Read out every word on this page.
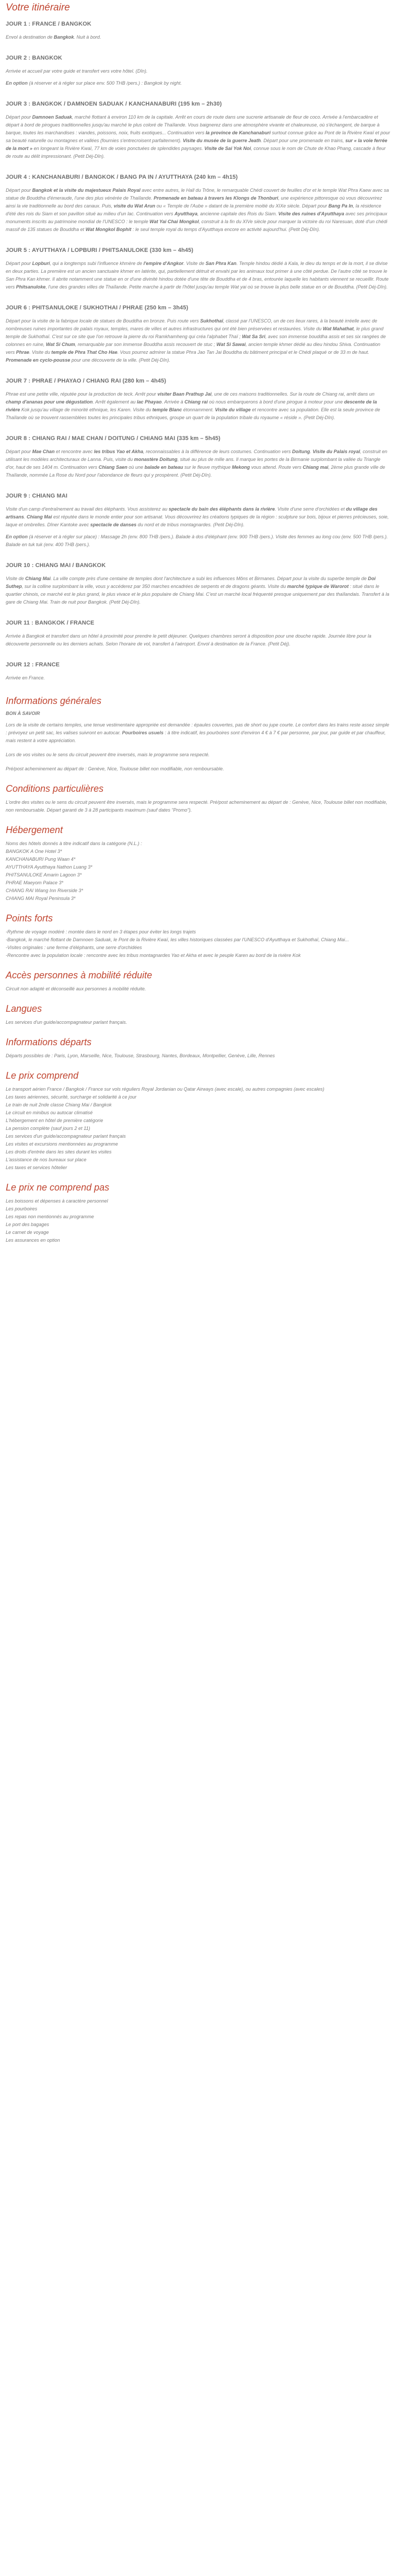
Votre itinéraire
JOUR 1 : FRANCE / BANGKOK

Envol à destination de Bangkok. Nuit à bord.

JOUR 2 : BANGKOK

Arrivée et accueil par votre guide et transfert vers votre hôtel. (Dîn).

En option (à réserver et à régler sur place env. 500 THB /pers.) : Bangkok by night.

JOUR 3 : BANGKOK / DAMNOEN SADUAK / KANCHANABURI (195 km – 2h30)

Départ pour Damnoen Saduak, marché flottant à environ 110 km de la capitale. Arrêt en cours de route dans une sucrerie artisanale de fleur de coco. Arrivée à l'embarcadère et départ à bord de pirogues traditionnelles jusqu'au marché le plus coloré de Thaïlande. Vous baignerez dans une atmosphère vivante et chaleureuse, où s'échangent, de barque à barque, toutes les marchandises : viandes, poissons, noix, fruits exotiques... Continuation vers la province de Kanchanaburi surtout connue grâce au Pont de la Rivière Kwaï et pour sa beauté naturelle ou montagnes et vallées (fournies s'entrecroisent parfaitement). Visite du musée de la guerre Jeath. Départ pour une promenade en trains, sur « la voie ferrée de la mort » en longeant la Rivière Kwaï, 77 km de voies ponctuées de splendides paysages. Visite de Sai Yok Noi, connue sous le nom de Chute de Khao Phang, cascade à fleur de route au délit impressionant. (Petit Déj-Dîn).

JOUR 4 : KANCHANABURI / BANGKOK / BANG PA IN / AYUTTHAYA (240 km – 4h15)

Départ pour Bangkok et la visite du majestueux Palais Royal avec entre autres, le Hall du Trône, le remarquable Chédi couvert de feuilles d'or et le temple Wat Phra Kaew avec sa statue de Bouddha d'émeraude, l'une des plus vénérée de Thaïlande. Promenade en bateau à travers les Klongs de Thonburi, une expérience pittoresque où vous découvrirez ainsi la vie traditionnelle au bord des canaux. Puis, visite du Wat Arun ou « Temple de l'Aube » datant de la première moitié du XIXe siècle. Départ pour Bang Pa In, la résidence d'été des rois du Siam et son pavillon situé au milieu d'un lac. Continuation vers Ayutthaya, ancienne capitale des Rois du Siam. Visite des ruines d'Ayutthaya avec ses principaux monuments inscrits au patrimoine mondial de l'UNESCO : le temple Wat Yai Chai Mongkol, construit à la fin du XIVe siècle pour marquer la victoire du roi Naresuan, doté d'un chédi massif de 135 statues de Bouddha et Wat Mongkol Bophit : le seul temple royal du temps d'Ayutthaya encore en activité aujourd'hui. (Petit Déj-Dîn).

JOUR 5 : AYUTTHAYA / LOPBURI / PHITSANULOKE (330 km – 4h45)

Départ pour Lopburi, qui a longtemps subi l'influence khmère de l'empire d'Angkor. Visite de San Phra Kan. Temple hindou dédié à Kala, le dieu du temps et de la mort, il se divise en deux parties. La première est un ancien sanctuaire khmer en latérite, qui, partiellement détruit et envahi par les animaux tout primer à une côté perdue. De l'autre côté se trouve le San Phra Kan khmer. Il abrite notamment une statue en or d'une divinité hindou dotée d'une tête de Bouddha et de 4 bras, entourée laquelle les habitants viennent se recueillir. Route vers Phitsanuloke, l'une des grandes villes de Thaïlande. Petite marche à partir de l'hôtel jusqu'au temple Wat yai où se trouve la plus belle statue en or de Bouddha. (Petit Déj-Dîn).

JOUR 6 : PHITSANULOKE / SUKHOTHAI / PHRAE (250 km – 3h45)

Départ pour la visite de la fabrique locale de statues de Bouddha en bronze. Puis route vers Sukhothaï, classé par l'UNESCO, un de ces lieux rares, à la beauté irréelle avec de nombreuses ruines importantes de palais royaux, temples, mares de villes et autres infrastructures qui ont été bien préservées et restaurées. Visite du Wat Mahathat, le plus grand temple de Sukhothaï. C'est sur ce site que l'on retrouve la pierre du roi Ramkhamheng qui créa l'alphabet Thaï ; Wat Sa Sri, avec son immense bouddha assis et ses six rangées de colonnes en ruine, Wat Si Chum, remarquable par son immense Bouddha assis recouvert de stuc ; Wat Si Sawai, ancien temple khmer dédié au dieu hindou Shiva. Continuation vers Phrae. Visite du temple de Phra That Cho Hae. Vous pourrez admirer la statue Phra Jao Tan Jai Bouddha du bâtiment principal et le Chédi plaqué or de 33 m de haut. Promenade en cyclo-pousse pour une découverte de la ville. (Petit Déj-Dîn).

JOUR 7 : PHRAE / PHAYAO / CHIANG RAI (280 km – 4h45)

Phrae est une petite ville, réputée pour la production de teck. Arrêt pour visiter Baan Prathup Jai, une de ces maisons traditionnelles. Sur la route de Chiang rai, arrêt dans un champ d'ananas pour une dégustation. Arrêt également au lac Phayao. Arrivée à Chiang rai où nous embarquerons à bord d'une pirogue à moteur pour une descente de la rivière Kok jusqu'au village de minorité ethnique, les Karen. Visite du temple Blanc étonnamment. Visite du village et rencontre avec sa population. Elle est la seule province de Thaïlande où se trouvent rassemblées toutes les principales tribus ethniques, groupe un quart de la population tribale du royaume « réside ». (Petit Déj-Dîn).

JOUR 8 : CHIANG RAI / MAE CHAN / DOITUNG / CHIANG MAI (335 km – 5h45)

Départ pour Mae Chan et rencontre avec les tribus Yao et Akha, reconnaissables à la différence de leurs costumes. Continuation vers Doitung. Visite du Palais royal, construit en utilisant les modèles architecturaux de Lanna. Puis, visite du monastère Doitung, situé au plus de mille ans. Il marque les portes de la Birmanie surplombant la vallée du Triangle d'or, haut de ses 1404 m. Continuation vers Chiang Saen où une balade en bateau sur le fleuve mythique Mekong vous attend. Route vers Chiang mai, 2ème plus grande ville de Thaïlande, nommée La Rose du Nord pour l'abondance de fleurs qui y prospèrent. (Petit Déj-Dîn).

JOUR 9 : CHIANG MAI

Visite d'un camp d'entraînement au travail des éléphants. Vous assisterez au spectacle du bain des éléphants dans la rivière. Visite d'une serre d'orchidées et du village des artisans. Chiang Mai est réputée dans le monde entier pour son artisanat. Vous découvrirez les créations typiques de la région : sculpture sur bois, bijoux et pierres précieuses, soie, laque et ombrelles. Dîner Kantoke avec spectacle de danses du nord et de tribus montagnardes. (Petit Déj-Dîn).

En option (à réserver et à régler sur place) : Massage 2h (env. 800 THB /pers.). Balade à dos d'éléphant (env. 900 THB /pers.). Visite des femmes au long cou (env. 500 THB /pers.). Balade en tuk tuk (env. 400 THB /pers.).

JOUR 10 : CHIANG MAI / BANGKOK

Visite de Chiang Mai. La ville compte près d'une centaine de temples dont l'architecture a subi les influences Môns et Birmanes. Départ pour la visite du superbe temple de Doi Suthep, sur la colline surplombant la ville, vous y accéderez par 350 marches encadrées de serpents et de dragons géants. Visite du marché typique de Warorot : situé dans le quartier chinois, ce marché est le plus grand, le plus vivace et le plus populaire de Chiang Mai. C'est un marché local fréquenté presque uniquement par des thaïlandais. Transfert à la gare de Chiang Mai. Train de nuit pour Bangkok. (Petit Déj-Dîn).

JOUR 11 : BANGKOK / FRANCE

Arrivée à Bangkok et transfert dans un hôtel à proximité pour prendre le petit déjeuner. Quelques chambres seront à disposition pour une douche rapide. Journée libre pour la découverte personnelle ou les derniers achats. Selon l'horaire de vol, transfert à l'aéroport. Envol à destination de la France. (Petit Déj).

JOUR 12 : FRANCE

Arrivée en France.

Informations générales
BON À SAVOIR

Lors de la visite de certains temples, une tenue vestimentaire appropriée est demandée : épaules couvertes, pas de short ou jupe courte. Le confort dans les trains reste assez simple : prévoyez un petit sac, les valises suivront en autocar. Pourboires usuels : à titre indicatif, les pourboires sont d'environ 4 € à 7 € par personne, par jour, par guide et par chauffeur, mais restent à votre appréciation.

Lors de vos visites ou le sens du circuit peuvent être inversés, mais le programme sera respecté.

Pré/post acheminement au départ de : Genève, Nice, Toulouse billet non modifiable, non remboursable.

Conditions particulières

L'ordre des visites ou le sens du circuit peuvent être inversés, mais le programme sera respecté. Pré/post acheminement au départ de : Genève, Nice, Toulouse billet non modifiable, non remboursable. Départ garanti de 3 à 28 participants maximum (sauf dates "Promo").

Hébergement
Noms des hôtels donnés à titre indicatif dans la catégorie (N.L.) :
BANGKOK A One Hotel 3*
KANCHANABURI Pung Waan 4*
AYUTTHAYA Ayutthaya Nathon Luang 3*
PHITSANULOKE Amarin Lagoon 3*
PHRAE Maeyom Palace 3*
CHIANG RAI Wiang Inn Riverside 3*
CHIANG MAI Royal Peninsula 3*
Points forts
-Rythme de voyage modéré : montée dans le nord en 3 étapes pour éviter les longs trajets
-Bangkok, le marché flottant de Damnoen Saduak, le Pont de la Rivière Kwaï, les villes historiques classées par l'UNESCO d'Ayutthaya et Sukhothaï, Chiang Mai...
-Visites originales : une ferme d'éléphants, une serre d'orchidées
-Rencontre avec la population locale : rencontre avec les tribus montagnardes Yao et Akha et avec le peuple Karen au bord de la rivière Kok
Accès personnes à mobilité réduite

Circuit non adapté et déconseillé aux personnes à mobilité réduite.

Langues

Les services d'un guide/accompagnateur parlant français.

Informations départs

Départs possibles de : Paris, Lyon, Marseille, Nice, Toulouse, Strasbourg, Nantes, Bordeaux, Montpellier, Genève, Lille, Rennes

Le prix comprend
Le transport aérien France / Bangkok / France sur vols réguliers Royal Jordanian ou Qatar Airways (avec escale), ou autres compagnies (avec escales)
Les taxes aériennes, sécurité, surcharge et solidarité à ce jour
Le train de nuit 2nde classe Chiang Mai / Bangkok
Le circuit en minibus ou autocar climatisé
L'hébergement en hôtel de première catégorie
La pension complète (sauf jours 2 et 11)
Les services d'un guide/accompagnateur parlant français
Les visites et excursions mentionnées au programme
Les droits d'entrée dans les sites durant les visites
L'assistance de nos bureaux sur place
Les taxes et services hôtelier
Le prix ne comprend pas
Les boissons et dépenses à caractère personnel
Les pourboires
Les repas non mentionnés au programme
Le port des bagages
Le carnet de voyage
Les assurances en option
